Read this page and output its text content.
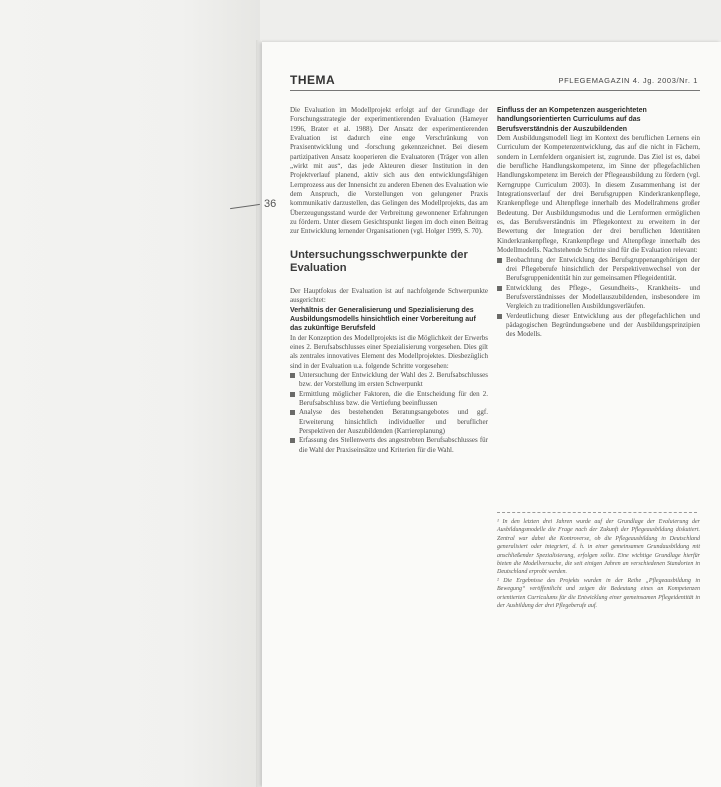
36
THEMA	PFLEGEMAGAZIN 4. Jg. 2003/Nr. 1

Die Evaluation im Modellprojekt erfolgt auf der Grundlage der Forschungsstrategie der experimentierenden Evaluation (Hameyer 1996, Brater et al. 1988). Der Ansatz der experimentierenden Evaluation ist dadurch eine enge Verschränkung von Praxisentwicklung und -forschung gekennzeichnet. Bei diesem partizipativen Ansatz kooperieren die Evaluatoren (Träger von allen „wirkt mit aus“, das jede Akteuren dieser Institution in den Projektverlauf planend, aktiv sich aus den entwicklungsfähigen Lernprozess aus der Innensicht zu anderen Ebenen des Evaluation wie dem Anspruch, die Vorstellungen von gelungener Praxis kommunikativ darzustellen, das Gelingen des Modellprojekts, das am Überzeugungsstand wurde der Verbreitung gewonnener Erfahrungen zu fördern. Unter diesem Gesichtspunkt liegen im doch einen Beitrag zur Entwicklung lernender Organisationen (vgl. Holger 1999, S. 70).

Untersuchungsschwerpunkte der Evaluation

Der Hauptfokus der Evaluation ist auf nachfolgende Schwerpunkte ausgerichtet:

Verhältnis der Generalisierung und Spezialisierung des Ausbildungsmodells hinsichtlich einer Vorbereitung auf das zukünftige Berufsfeld

In der Konzeption des Modellprojekts ist die Möglichkeit der Erwerbs eines 2. Berufsabschlusses einer Spezialisierung vorgesehen. Dies gilt als zentrales innovatives Element des Modellprojektes. Diesbezüglich sind in der Evaluation u.a. folgende Schritte vorgesehen:

Untersuchung der Entwicklung der Wahl des 2. Berufsabschlusses bzw. der Vorstellung im ersten Schwerpunkt
Ermittlung möglicher Faktoren, die die Entscheidung für den 2. Berufsabschluss bzw. die Vertiefung beeinflussen
Analyse des bestehenden Beratungsangebotes und ggf. Erweiterung hinsichtlich individueller und beruflicher Perspektiven der Auszubildenden (Karriereplanung)
Erfassung des Stellenwerts des angestrebten Berufsabschlusses für die Wahl der Praxiseinsätze und Kriterien für die Wahl.
Einfluss der an Kompetenzen ausgerichteten handlungsorientierten Curriculums auf das Berufsverständnis der Auszubildenden

Dem Ausbildungsmodell liegt im Kontext des beruflichen Lernens ein Curriculum der Kompetenzentwicklung, das auf die nicht in Fächern, sondern in Lernfeldern organisiert ist, zugrunde. Das Ziel ist es, dabei die berufliche Handlungskompetenz, im Sinne der pflegefachlichen Handlungskompetenz im Bereich der Pflegeausbildung zu fördern (vgl. Kerngruppe Curriculum 2003). In diesem Zusammenhang ist der Integrationsverlauf der drei Berufsgruppen Kinderkrankenpflege, Krankenpflege und Altenpflege innerhalb des Modellrahmens großer Bedeutung. Der Ausbildungsmodus und die Lernformen ermöglichen es, das Berufsverständnis im Pflegekontext zu erweitern in der Bewertung der Integration der drei beruflichen Identitäten Kinderkrankenpflege, Krankenpflege und Altenpflege innerhalb des Modellmodells. Nachstehende Schritte sind für die Evaluation relevant:

Beobachtung der Entwicklung des Berufsgruppenangehörigen der drei Pflegeberufe hinsichtlich der Perspektivenwechsel von der Berufsgruppenidentität hin zur gemeinsamen Pflegeidentität.
Entwicklung des Pflege-, Gesundheits-, Krankheits- und Berufsverständnisses der Modellauszubildenden, insbesondere im Vergleich zu traditionellen Ausbildungsverläufen.
Verdeutlichung dieser Entwicklung aus der pflegefachlichen und pädagogischen Begründungsebene und der Ausbildungsprinzipien des Modells.

¹ In den letzten drei Jahren wurde auf der Grundlage der Evaluierung der Ausbildungsmodelle die Frage nach der Zukunft der Pflegeausbildung diskutiert. Zentral war dabei die Kontroverse, ob die Pflegeausbildung in Deutschland generalisiert oder integriert, d. h. in einer gemeinsamen Grundausbildung mit anschließender Spezialisierung, erfolgen sollte. Eine wichtige Grundlage hierfür bieten die Modellversuche, die seit einigen Jahren an verschiedenen Standorten in Deutschland erprobt werden.

² Die Ergebnisse des Projekts wurden in der Reihe „Pflegeausbildung in Bewegung“ veröffentlicht und zeigen die Bedeutung eines an Kompetenzen orientierten Curriculums für die Entwicklung einer gemeinsamen Pflegeidentität in der Ausbildung der drei Pflegeberufe auf.
